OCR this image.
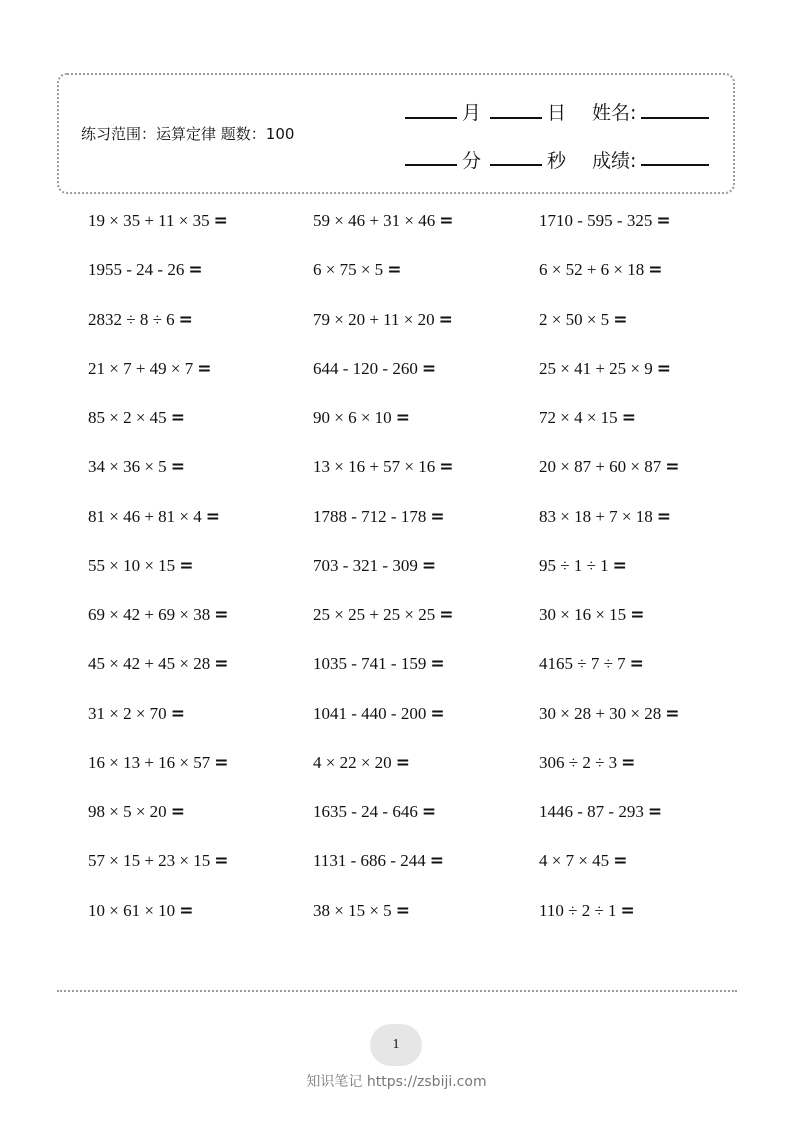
练习范围：运算定律 题数：100
月	日 姓名:
分	秒 成绩:
19 × 35 + 11 × 35 =	59 × 46 + 31 × 46 =	1710 - 595 - 325 =
1955 - 24 - 26 =	6 × 75 × 5 =	6 × 52 + 6 × 18 =
2832 ÷ 8 ÷ 6 =	79 × 20 + 11 × 20 =	2 × 50 × 5 =
21 × 7 + 49 × 7 =	644 - 120 - 260 =	25 × 41 + 25 × 9 =
85 × 2 × 45 =	90 × 6 × 10 =	72 × 4 × 15 =
34 × 36 × 5 =	13 × 16 + 57 × 16 =	20 × 87 + 60 × 87 =
81 × 46 + 81 × 4 =	1788 - 712 - 178 =	83 × 18 + 7 × 18 =
55 × 10 × 15 =	703 - 321 - 309 =	95 ÷ 1 ÷ 1 =
69 × 42 + 69 × 38 =	25 × 25 + 25 × 25 =	30 × 16 × 15 =
45 × 42 + 45 × 28 =	1035 - 741 - 159 =	4165 ÷ 7 ÷ 7 =
31 × 2 × 70 =	1041 - 440 - 200 =	30 × 28 + 30 × 28 =
16 × 13 + 16 × 57 =	4 × 22 × 20 =	306 ÷ 2 ÷ 3 =
98 × 5 × 20 =	1635 - 24 - 646 =	1446 - 87 - 293 =
57 × 15 + 23 × 15 =	1131 - 686 - 244 =	4 × 7 × 45 =
10 × 61 × 10 =	38 × 15 × 5 =	110 ÷ 2 ÷ 1 =
1
知识笔记 https://zsbiji.com
